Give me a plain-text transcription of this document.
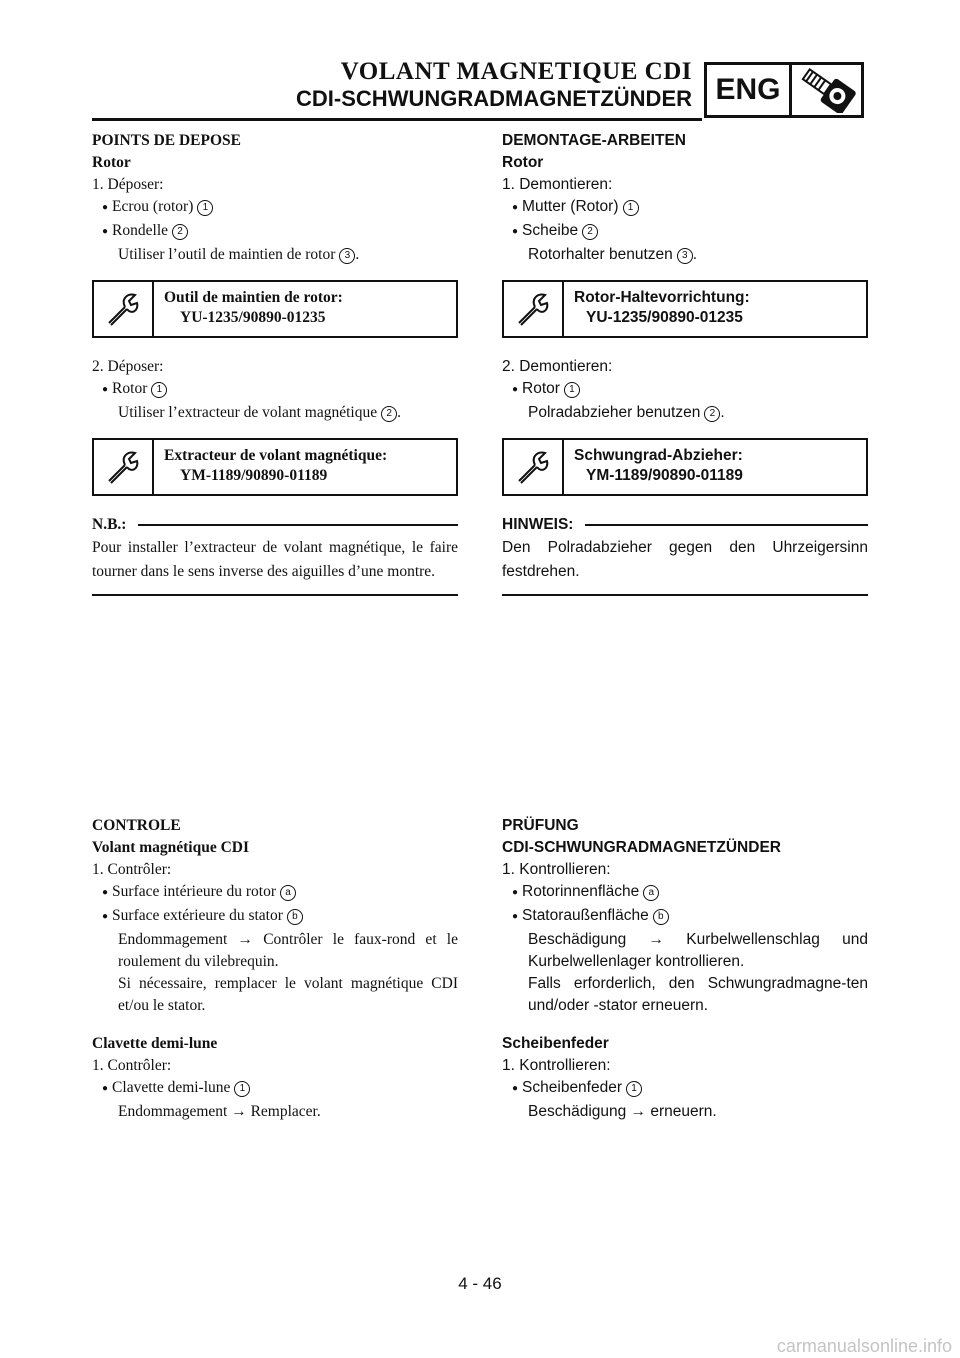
VOLANT MAGNETIQUE CDI
CDI-SCHWUNGRADMAGNETZÜNDER ENG
POINTS DE DEPOSE
Rotor
1. Déposer:
● Ecrou (rotor) 1
● Rondelle 2
Utiliser l’outil de maintien de rotor 3 .
Outil de maintien de rotor:
YU-1235/90890-01235
2. Déposer:
● Rotor 1
Utiliser l’extracteur de volant magnétique 2 .
Extracteur de volant magnétique:
YM-1189/90890-01189
N.B.:
Pour installer l’extracteur de volant magnétique, le faire tourner dans le sens inverse des aiguilles d’une montre.
CONTROLE
Volant magnétique CDI
1. Contrôler:
● Surface intérieure du rotor a
● Surface extérieure du stator b
Endommagement → Contrôler le faux-rond et le roulement du vilebrequin.
Si nécessaire, remplacer le volant magnétique CDI et/ou le stator.
Clavette demi-lune
1. Contrôler:
● Clavette demi-lune 1
Endommagement → Remplacer.
DEMONTAGE-ARBEITEN
Rotor
1. Demontieren:
● Mutter (Rotor) 1
● Scheibe 2
Rotorhalter benutzen 3 .
Rotor-Haltevorrichtung:
YU-1235/90890-01235
2. Demontieren:
● Rotor 1
Polradabzieher benutzen 2 .
Schwungrad-Abzieher:
YM-1189/90890-01189
HINWEIS:
Den Polradabzieher gegen den Uhrzeigersinn festdrehen.
PRÜFUNG
CDI-SCHWUNGRADMAGNETZÜNDER
1. Kontrollieren:
● Rotorinnenfläche a
● Statoraußenfläche b
Beschädigung → Kurbelwellenschlag und Kurbelwellenlager kontrollieren.
Falls erforderlich, den Schwungradmagne-ten und/oder -stator erneuern.
Scheibenfeder
1. Kontrollieren:
● Scheibenfeder 1
Beschädigung → erneuern.
4 - 46
carmanualsonline.info
